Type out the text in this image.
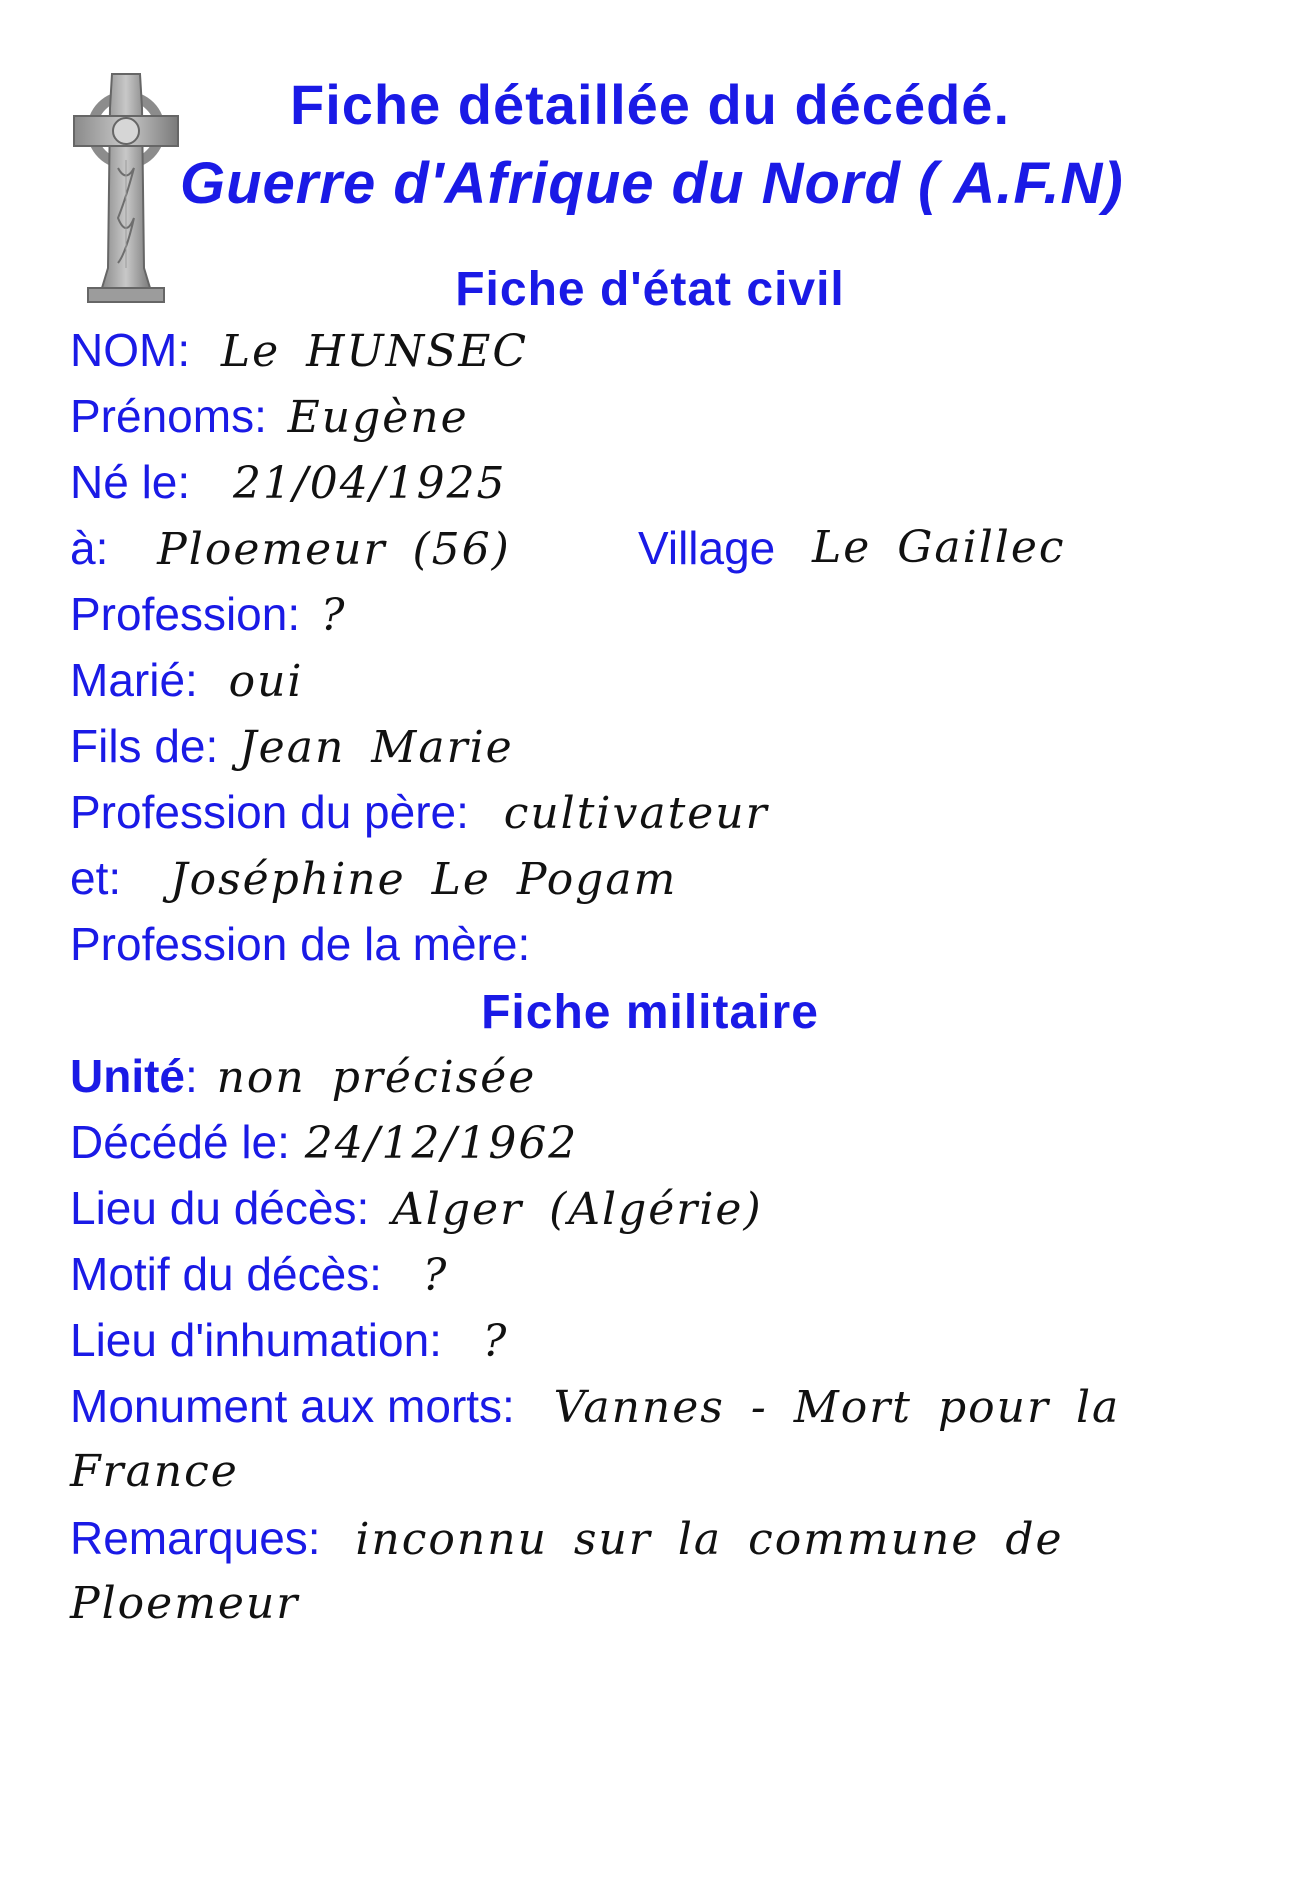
Fiche détaillée du décédé.
Guerre d'Afrique du Nord ( A.F.N)
Fiche d'état civil
NOM: Le HUNSEC
Prénoms: Eugène
Né le: 21/04/1925
à: Ploemeur (56)	Village Le Gaillec
Profession: ?
Marié: oui
Fils de: Jean Marie
Profession du père: cultivateur
et: Joséphine Le Pogam
Profession de la mère:
Fiche militaire
Unité: non précisée
Décédé le: 24/12/1962
Lieu du décès: Alger (Algérie)
Motif du décès: ?
Lieu d'inhumation: ?
Monument aux morts: Vannes - Mort pour la
France
Remarques: inconnu sur la commune de
Ploemeur
